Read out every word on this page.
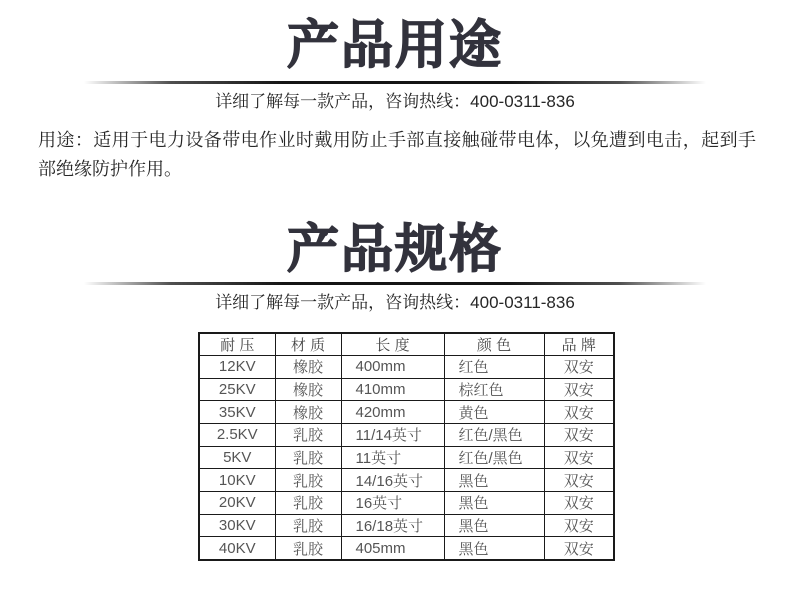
产品用途

详细了解每一款产品，咨询热线：400-0311-836

用途：适用于电力设备带电作业时戴用防止手部直接触碰带电体，以免遭到电击，起到手部绝缘防护作用。

产品规格

详细了解每一款产品，咨询热线：400-0311-836

耐 压	材 质	长 度	颜 色	品 牌
12KV	橡胶	400mm	红色	双安
25KV	橡胶	410mm	棕红色	双安
35KV	橡胶	420mm	黄色	双安
2.5KV	乳胶	11/14英寸	红色/黑色	双安
5KV	乳胶	11英寸	红色/黑色	双安
10KV	乳胶	14/16英寸	黑色	双安
20KV	乳胶	16英寸	黑色	双安
30KV	乳胶	16/18英寸	黑色	双安
40KV	乳胶	405mm	黑色	双安
